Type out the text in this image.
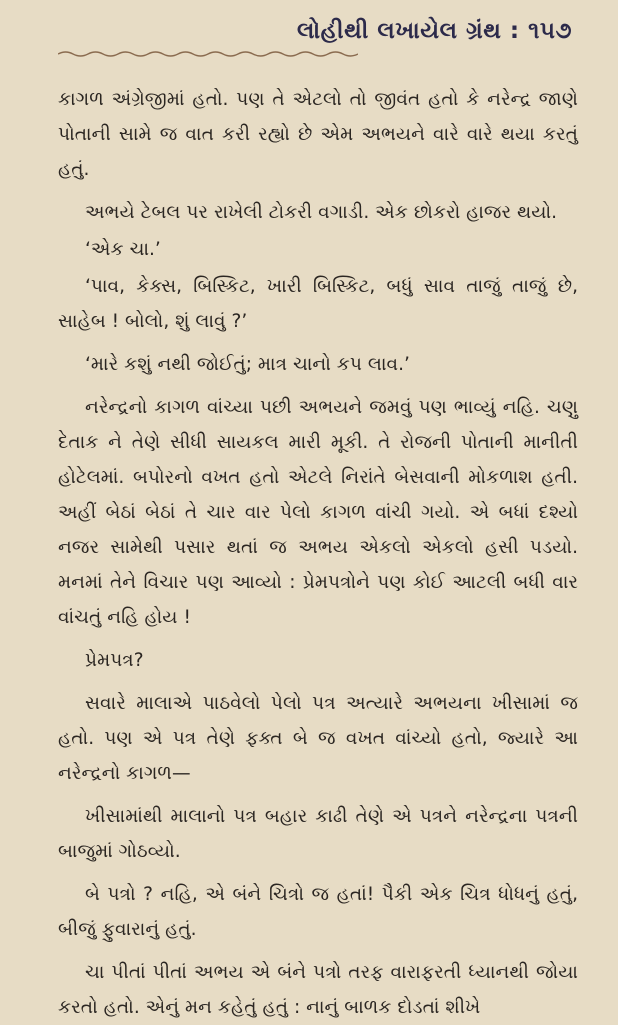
લોહીથી લખાયેલ ગ્રંથ : ૧૫૭

કાગળ અંગ્રેજીમાં હતો. પણ તે એટલો તો જીવંત હતો કે નરેન્દ્ર જાણે પોતાની સામે જ વાત કરી રહ્યો છે એમ અભયને વારે વારે થયા કરતું હતું.

અભયે ટેબલ પર રાખેલી ટોકરી વગાડી. એક છોકરો હાજર થયો.

‘એક ચા.’

‘પાવ, કેક્સ, બિસ્કિટ, ખારી બિસ્કિટ, બધું સાવ તાજું તાજું છે, સાહેબ ! બોલો, શું લાવું ?’

‘મારે કશું નથી જોઈતું; માત્ર ચાનો કપ લાવ.’

નરેન્દ્રનો કાગળ વાંચ્યા પછી અભયને જમવું પણ ભાવ્યું નહિ. ચણુ દેતાક ને તેણે સીધી સાયકલ મારી મૂકી. તે રોજની પોતાની માનીતી હોટેલમાં. બપોરનો વખત હતો એટલે નિરાંતે બેસવાની મોકળાશ હતી. અહીં બેઠાં બેઠાં તે ચાર વાર પેલો કાગળ વાંચી ગયો. એ બધાં દશ્યો નજર સામેથી પસાર થતાં જ અભય એકલો એકલો હસી પડયો. મનમાં તેને વિચાર પણ આવ્યો : પ્રેમપત્રોને પણ કોઈ આટલી બધી વાર વાંચતું નહિ હોય !

પ્રેમપત્ર?

સવારે માલાએ પાઠવેલો પેલો પત્ર અત્યારે અભયના ખીસામાં જ હતો. પણ એ પત્ર તેણે ફક્ત બે જ વખત વાંચ્યો હતો, જ્યારે આ નરેન્દ્રનો કાગળ—

ખીસામાંથી માલાનો પત્ર બહાર કાઢી તેણે એ પત્રને નરેન્દ્રના પત્રની બાજુમાં ગોઠવ્યો.

બે પત્રો ? નહિ, એ બંને ચિત્રો જ હતાં! પૈકી એક ચિત્ર ધોધનું હતું, બીજું ફુવારાનું હતું.

ચા પીતાં પીતાં અભય એ બંને પત્રો તરફ વારાફરતી ધ્યાનથી જોયા કરતો હતો. એનું મન કહેતું હતું : નાનું બાળક દોડતાં શીખે
